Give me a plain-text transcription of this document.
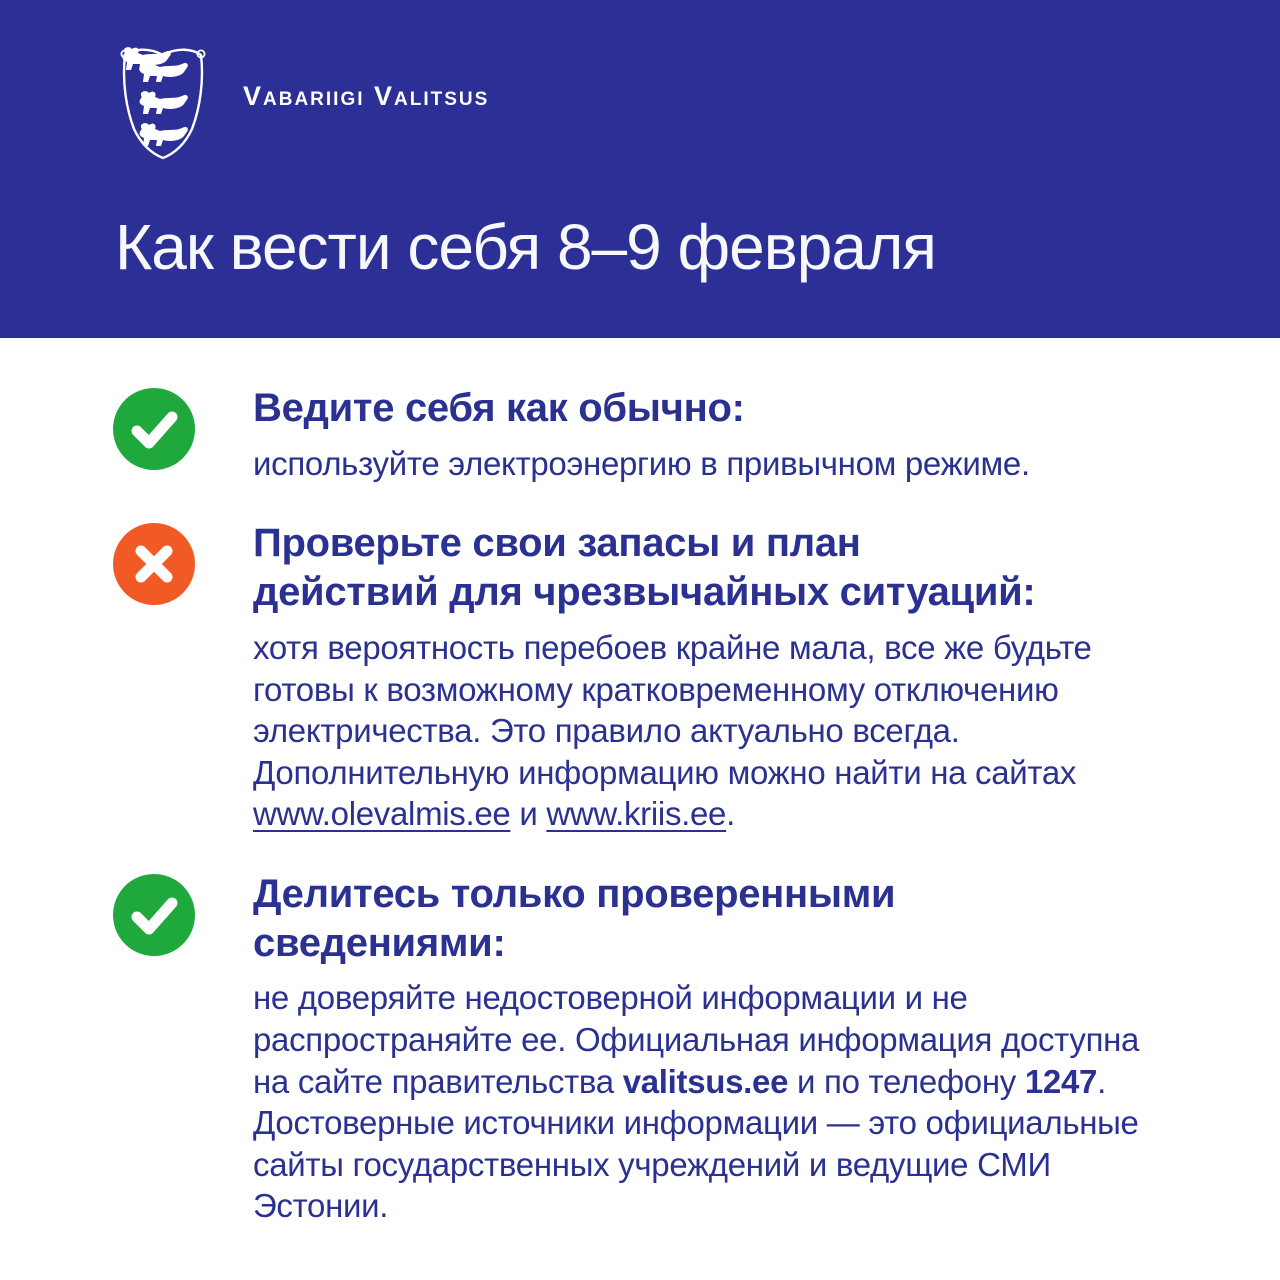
Vabariigi Valitsus
Как вести себя 8–9 февраля
Ведите себя как обычно:
используйте электроэнергию в привычном режиме.
Проверьте свои запасы и план действий для чрезвычайных ситуаций:
хотя вероятность перебоев крайне мала, все же будьте готовы к возможному кратковременному отключению электричества. Это правило актуально всегда. Дополнительную информацию можно найти на сайтах www.olevalmis.ee и www.kriis.ee.
Делитесь только проверенными сведениями:
не доверяйте недостоверной информации и не распространяйте ее. Официальная информация доступна на сайте правительства valitsus.ee и по телефону 1247. Достоверные источники информации — это официальные сайты государственных учреждений и ведущие СМИ Эстонии.
